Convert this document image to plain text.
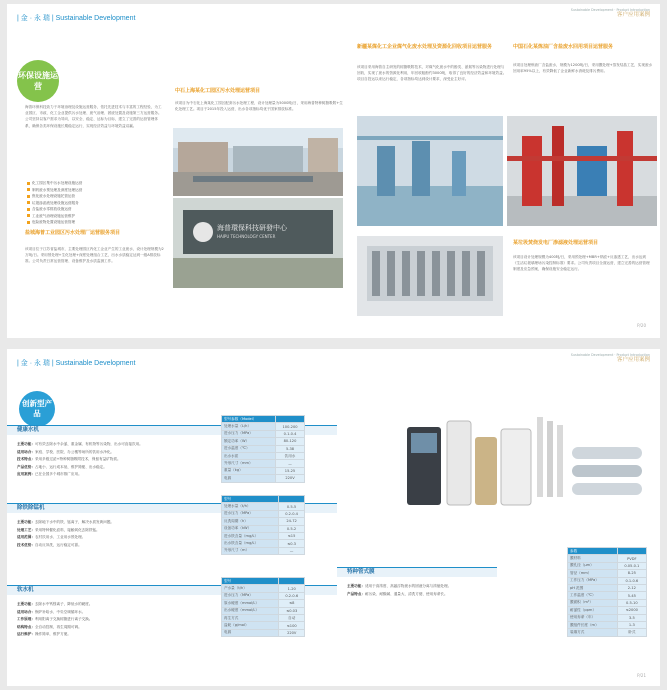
| 金 · 永 瑞 | Sustainable Development
Sustainable Development · Product Introduction
客户应用案例
环保设施运营
海普环保科技致力于环境治理及设施运营服务，依托先进技术与丰富的工程经验，为工业园区、市政、化工企业提供污水处理、废气治理、固废处置及设施第三方运营服务。公司坚持以客户需求为导向，以安全、稳定、达标为目标，建立了完善的运营管理体系，确保各类环保设施长期稳定运行，实现经济效益与环境效益双赢。
化工园区集中污水处理设施运营
制药废水预处理及深度处理运营
焦化废水处理设施托管运营
垃圾渗滤液处理设施运营服务
含盐废水零排放设施运营
工业废气治理设施运营维护
危险废物处置设施运营管理
盐城海普工业园区污水处理厂运营服务项目
该项目位于江苏省盐城市，主要处理园区内化工企业产生的工业废水，设计处理规模为2万吨/日。采用预处理+生化处理+深度处理组合工艺，出水水质稳定达到一级A排放标准。公司负责日常运营管理、设备维护及水质监测工作。
中石上海某化工园区污水处理运营项目
该项目为中石化上海某化工园区配套污水处理工程，设计处理量为5000吨/日，采用海普特种树脂吸附+生化处理工艺。项目于2015年投入运营，出水各项指标均优于国家排放标准。
海普環保科技研發中心
HAIPU TECHNOLOGY CENTER
新疆某煤化工企业煤气化废水处理及资源化回收项目运营服务
该项目采用海普自主研发的树脂吸附技术，对煤气化废水中的酚类、氨氮等污染物进行处理与回收，实现了废水的资源化利用，年回收粗酚约3000吨，取得了良好的经济效益和环境效益。项目自投运以来运行稳定，各项指标均达到设计要求，深受业主好评。
中国石化某炼油厂含盐废水回用项目运营服务
该项目处理炼油厂含盐废水，规模为1200吨/日，采用膜处理+蒸发结晶工艺，实现废水回用率95%以上，有效降低了企业新鲜水消耗及排污费用。
某垃圾焚烧发电厂渗滤液处理运营项目
该项目设计处理规模为400吨/日，采用预处理+MBR+纳滤+反渗透工艺，出水达到《生活垃圾填埋场污染控制标准》要求。公司负责项目全面运营，建立完善的运营管理制度及应急预案，确保设施安全稳定运行。
P/20
| 金 · 永 瑞 | Sustainable Development
Sustainable Development · Product Introduction
客户应用案例
创新型产品
健康水机
主要功能：可有效去除水中余氯、重金属、有机物等污染物，出水可直接饮用。
适用场合：家庭、学校、医院、办公楼等场所的饮用水净化。
技术特点：采用多级过滤+特种树脂吸附技术，保留有益矿物质。
产品优势：占地小、运行成本低、维护简便、出水稳定。
应用案例：已在全国多个城市推广应用。
型号参数（Model）	
处理水量（L/h）	100-200
进水压力（MPa）	0.1-0.4
额定功率（W）	80-120
进水温度（℃）	5-38
出水水质	饮用水
外形尺寸（mm）	—
重量（kg）	15-25
电源	220V
除铁除锰机
主要功能：去除地下水中的铁、锰离子，解决水质发黄问题。
处理工艺：采用特种催化滤料，接触氧化去除铁锰。
适用范围：农村饮用水、工业用水预处理。
技术优势：自动反冲洗，运行稳定可靠。
型号	
处理水量（t/h）	0.5-5
进水压力（MPa）	0.2-0.4
反洗周期（h）	24-72
设备功率（kW）	0.5-2
进水铁含量（mg/L）	≤15
出水铁含量（mg/L）	≤0.3
外形尺寸（m）	—
软水机
主要功能：去除水中钙镁离子，降低水的硬度。
适用场合：锅炉补给水、中央空调循环水。
工作原理：利用阳离子交换树脂进行离子交换。
结构特点：全自动控制，再生周期可调。
运行维护：操作简单，维护方便。
型号	
产水量（t/h）	1-20
进水压力（MPa）	0.2-0.6
原水硬度（mmol/L）	≤8
出水硬度（mmol/L）	≤0.03
再生方式	自动
盐耗（g/mol）	≤100
电源	220V
特种管式膜
主要功能：适用于高浓度、高悬浮物废水的固液分离与浓缩处理。
产品特点：耐污染、耐酸碱、通量大、清洗方便、使用寿命长。
参数	
膜材料	PVDF
膜孔径（μm）	0.05-0.1
管径（mm）	8-25
工作压力（MPa）	0.1-0.6
pH 范围	2-12
工作温度（℃）	5-45
膜面积（m²）	0.5-10
耐氯性（ppm）	≤2000
使用寿命（年）	3-5
膜组件长度（m）	1-3
装填方式	卧式
P/21
